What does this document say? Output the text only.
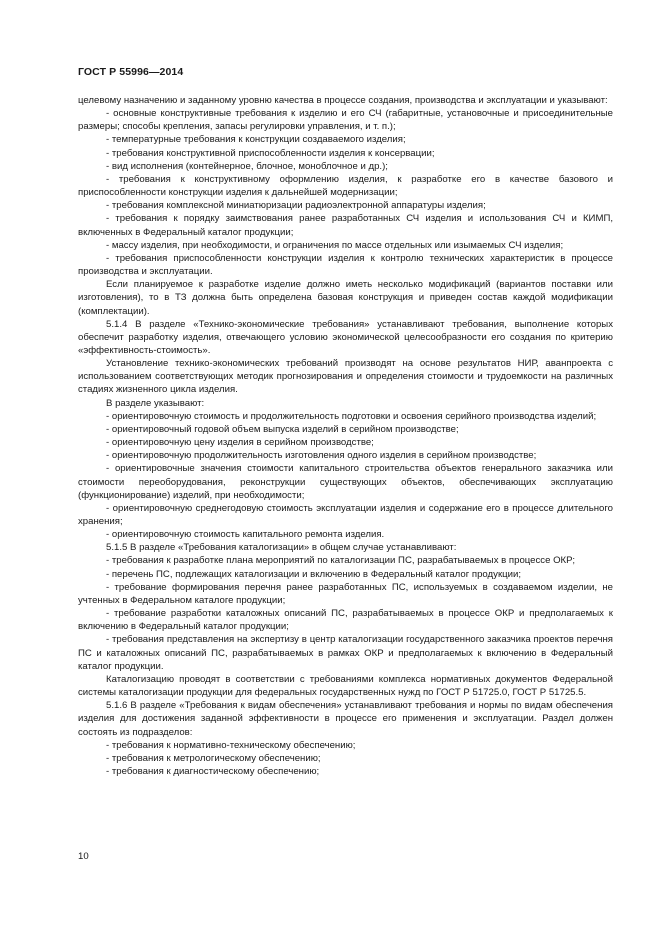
ГОСТ Р 55996—2014

целевому назначению и заданному уровню качества в процессе создания, производства и эксплуатации и указывают:

- основные конструктивные требования к изделию и его СЧ (габаритные, установочные и присоединительные размеры; способы крепления, запасы регулировки управления, и т. п.);

- температурные требования к конструкции создаваемого изделия;

- требования конструктивной приспособленности изделия к консервации;

- вид исполнения (контейнерное, блочное, моноблочное и др.);

- требования к конструктивному оформлению изделия, к разработке его в качестве базового и приспособленности конструкции изделия к дальнейшей модернизации;

- требования комплексной миниатюризации радиоэлектронной аппаратуры изделия;

- требования к порядку заимствования ранее разработанных СЧ изделия и использования СЧ и КИМП, включенных в Федеральный каталог продукции;

- массу изделия, при необходимости, и ограничения по массе отдельных или изымаемых СЧ изделия;

- требования приспособленности конструкции изделия к контролю технических характеристик в процессе производства и эксплуатации.

Если планируемое к разработке изделие должно иметь несколько модификаций (вариантов поставки или изготовления), то в ТЗ должна быть определена базовая конструкция и приведен состав каждой модификации (комплектации).

5.1.4 В разделе «Технико-экономические требования» устанавливают требования, выполнение которых обеспечит разработку изделия, отвечающего условию экономической целесообразности его создания по критерию «эффективность-стоимость».

Установление технико-экономических требований производят на основе результатов НИР, аванпроекта с использованием соответствующих методик прогнозирования и определения стоимости и трудоемкости на различных стадиях жизненного цикла изделия.

В разделе указывают:

- ориентировочную стоимость и продолжительность подготовки и освоения серийного производства изделий;

- ориентировочный годовой объем выпуска изделий в серийном производстве;

- ориентировочную цену изделия в серийном производстве;

- ориентировочную продолжительность изготовления одного изделия в серийном производстве;

- ориентировочные значения стоимости капитального строительства объектов генерального заказчика или стоимости переоборудования, реконструкции существующих объектов, обеспечивающих эксплуатацию (функционирование) изделий, при необходимости;

- ориентировочную среднегодовую стоимость эксплуатации изделия и содержание его в процессе длительного хранения;

- ориентировочную стоимость капитального ремонта изделия.

5.1.5 В разделе «Требования каталогизации» в общем случае устанавливают:

- требования к разработке плана мероприятий по каталогизации ПС, разрабатываемых в процессе ОКР;

- перечень ПС, подлежащих каталогизации и включению в Федеральный каталог продукции;

- требование формирования перечня ранее разработанных ПС, используемых в создаваемом изделии, не учтенных в Федеральном каталоге продукции;

- требование разработки каталожных описаний ПС, разрабатываемых в процессе ОКР и предполагаемых к включению в Федеральный каталог продукции;

- требования представления на экспертизу в центр каталогизации государственного заказчика проектов перечня ПС и каталожных описаний ПС, разрабатываемых в рамках ОКР и предполагаемых к включению в Федеральный каталог продукции.

Каталогизацию проводят в соответствии с требованиями комплекса нормативных документов Федеральной системы каталогизации продукции для федеральных государственных нужд по ГОСТ Р 51725.0, ГОСТ Р 51725.5.

5.1.6 В разделе «Требования к видам обеспечения» устанавливают требования и нормы по видам обеспечения изделия для достижения заданной эффективности в процессе его применения и эксплуатации. Раздел должен состоять из подразделов:

- требования к нормативно-техническому обеспечению;

- требования к метрологическому обеспечению;

- требования к диагностическому обеспечению;

10
